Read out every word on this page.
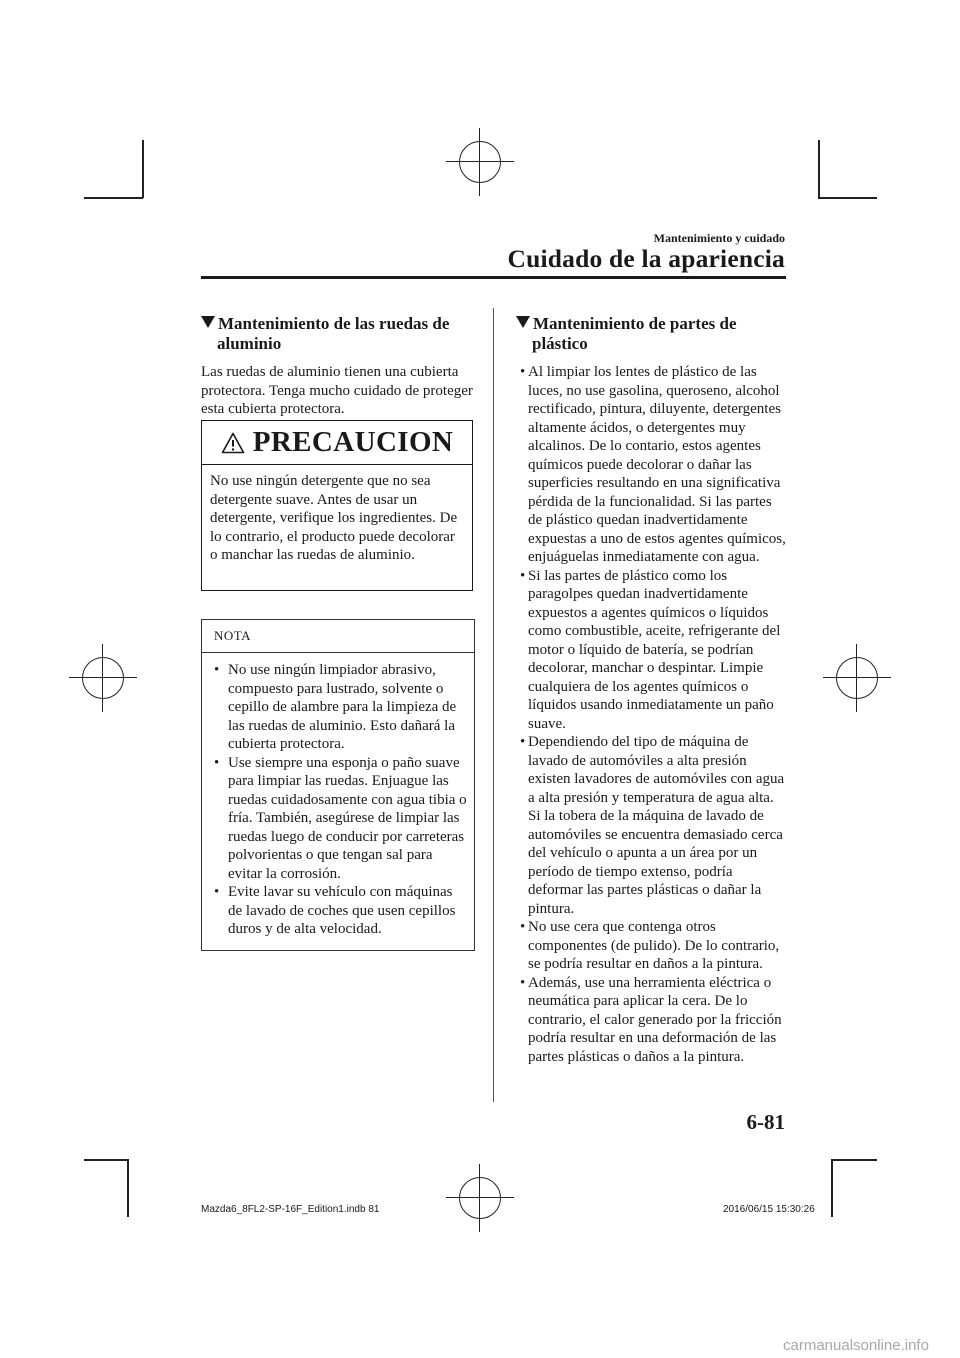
Mantenimiento y cuidado
Cuidado de la apariencia
Mantenimiento de las ruedas de aluminio

Las ruedas de aluminio tienen una cubierta protectora. Tenga mucho cuidado de proteger esta cubierta protectora.

PRECAUCION
No use ningún detergente que no sea detergente suave. Antes de usar un detergente, verifique los ingredientes. De lo contrario, el producto puede decolorar o manchar las ruedas de aluminio.
NOTA
• No use ningún limpiador abrasivo, compuesto para lustrado, solvente o cepillo de alambre para la limpieza de las ruedas de aluminio. Esto dañará la cubierta protectora.
• Use siempre una esponja o paño suave para limpiar las ruedas. Enjuague las ruedas cuidadosamente con agua tibia o fría. También, asegúrese de limpiar las ruedas luego de conducir por carreteras polvorientas o que tengan sal para evitar la corrosión.
• Evite lavar su vehículo con máquinas de lavado de coches que usen cepillos duros y de alta velocidad.
Mantenimiento de partes de plástico

• Al limpiar los lentes de plástico de las luces, no use gasolina, queroseno, alcohol rectificado, pintura, diluyente, detergentes altamente ácidos, o detergentes muy alcalinos. De lo contario, estos agentes químicos puede decolorar o dañar las superficies resultando en una significativa pérdida de la funcionalidad. Si las partes de plástico quedan inadvertidamente expuestas a uno de estos agentes químicos, enjuáguelas inmediatamente con agua.

• Si las partes de plástico como los paragolpes quedan inadvertidamente expuestos a agentes químicos o líquidos como combustible, aceite, refrigerante del motor o líquido de batería, se podrían decolorar, manchar o despintar. Limpie cualquiera de los agentes químicos o líquidos usando inmediatamente un paño suave.

• Dependiendo del tipo de máquina de lavado de automóviles a alta presión existen lavadores de automóviles con agua a alta presión y temperatura de agua alta. Si la tobera de la máquina de lavado de automóviles se encuentra demasiado cerca del vehículo o apunta a un área por un período de tiempo extenso, podría deformar las partes plásticas o dañar la pintura.

• No use cera que contenga otros componentes (de pulido). De lo contrario, se podría resultar en daños a la pintura.

• Además, use una herramienta eléctrica o neumática para aplicar la cera. De lo contrario, el calor generado por la fricción podría resultar en una deformación de las partes plásticas o daños a la pintura.

6-81
Mazda6_8FL2-SP-16F_Edition1.indb 81	2016/06/15 15:30:26
carmanualsonline.info
